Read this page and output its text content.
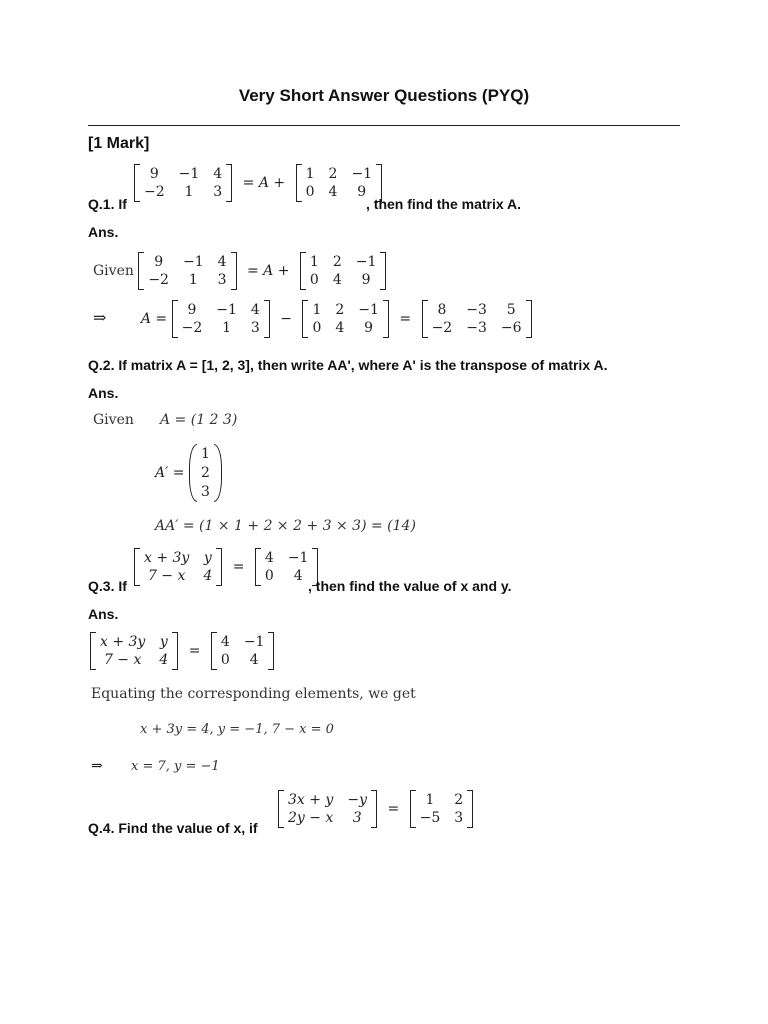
Very Short Answer Questions (PYQ)
[1 Mark]
Q.1. If
9	−1 4
−2	1	3
= A +
1 2 −1
0 4	9
, then find the matrix A.
Ans.
Given
9	−1 4
−2	1	3
= A +
1 2 −1
0 4	9
⇒ A =
9	−1 4
−2	1	3
−
1 2 −1
0 4	9
=
8	−3	5
−2 −3 −6
Q.2. If matrix A = [1, 2, 3], then write AA', where A' is the transpose of matrix A.
Ans.
Given A = (1 2 3)
A′ =
1
2
3
AA′ = (1 × 1 + 2 × 2 + 3 × 3) = (14)
Q.3. If
x + 3y y
7 − x 4
=
4 −1
0	4
, then find the value of x and y.
Ans.
x + 3y y
7 − x 4
=
4 −1
0	4
Equating the corresponding elements, we get
x + 3y = 4, y = −1, 7 − x = 0
⇒ x = 7, y = −1
Q.4. Find the value of x, if
3x + y −y
2y − x	3
=
1	2
−5 3
